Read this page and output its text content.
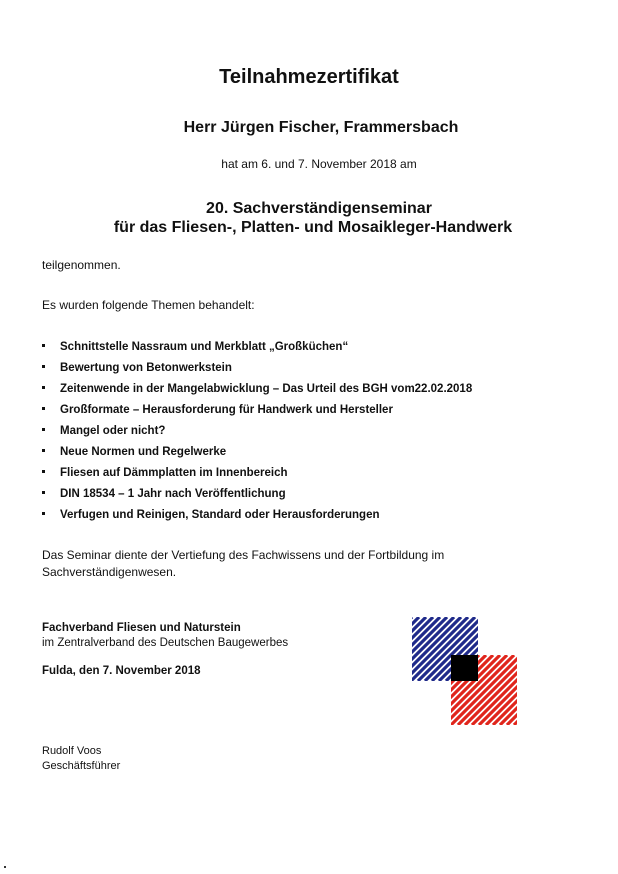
Teilnahmezertifikat
Herr Jürgen Fischer, Frammersbach
hat am 6. und 7. November 2018 am
20. Sachverständigenseminar
für das Fliesen-, Platten- und Mosaikleger-Handwerk
teilgenommen.
Es wurden folgende Themen behandelt:
Schnittstelle Nassraum und Merkblatt „Großküchen“
Bewertung von Betonwerkstein
Zeitenwende in der Mangelabwicklung – Das Urteil des BGH vom22.02.2018
Großformate – Herausforderung für Handwerk und Hersteller
Mangel oder nicht?
Neue Normen und Regelwerke
Fliesen auf Dämmplatten im Innenbereich
DIN 18534 – 1 Jahr nach Veröffentlichung
Verfugen und Reinigen, Standard oder Herausforderungen
Das Seminar diente der Vertiefung des Fachwissens und der Fortbildung im Sachverständigenwesen.
Fachverband Fliesen und Naturstein
im Zentralverband des Deutschen Baugewerbes
Fulda, den 7. November 2018
Rudolf Voos
Geschäftsführer
